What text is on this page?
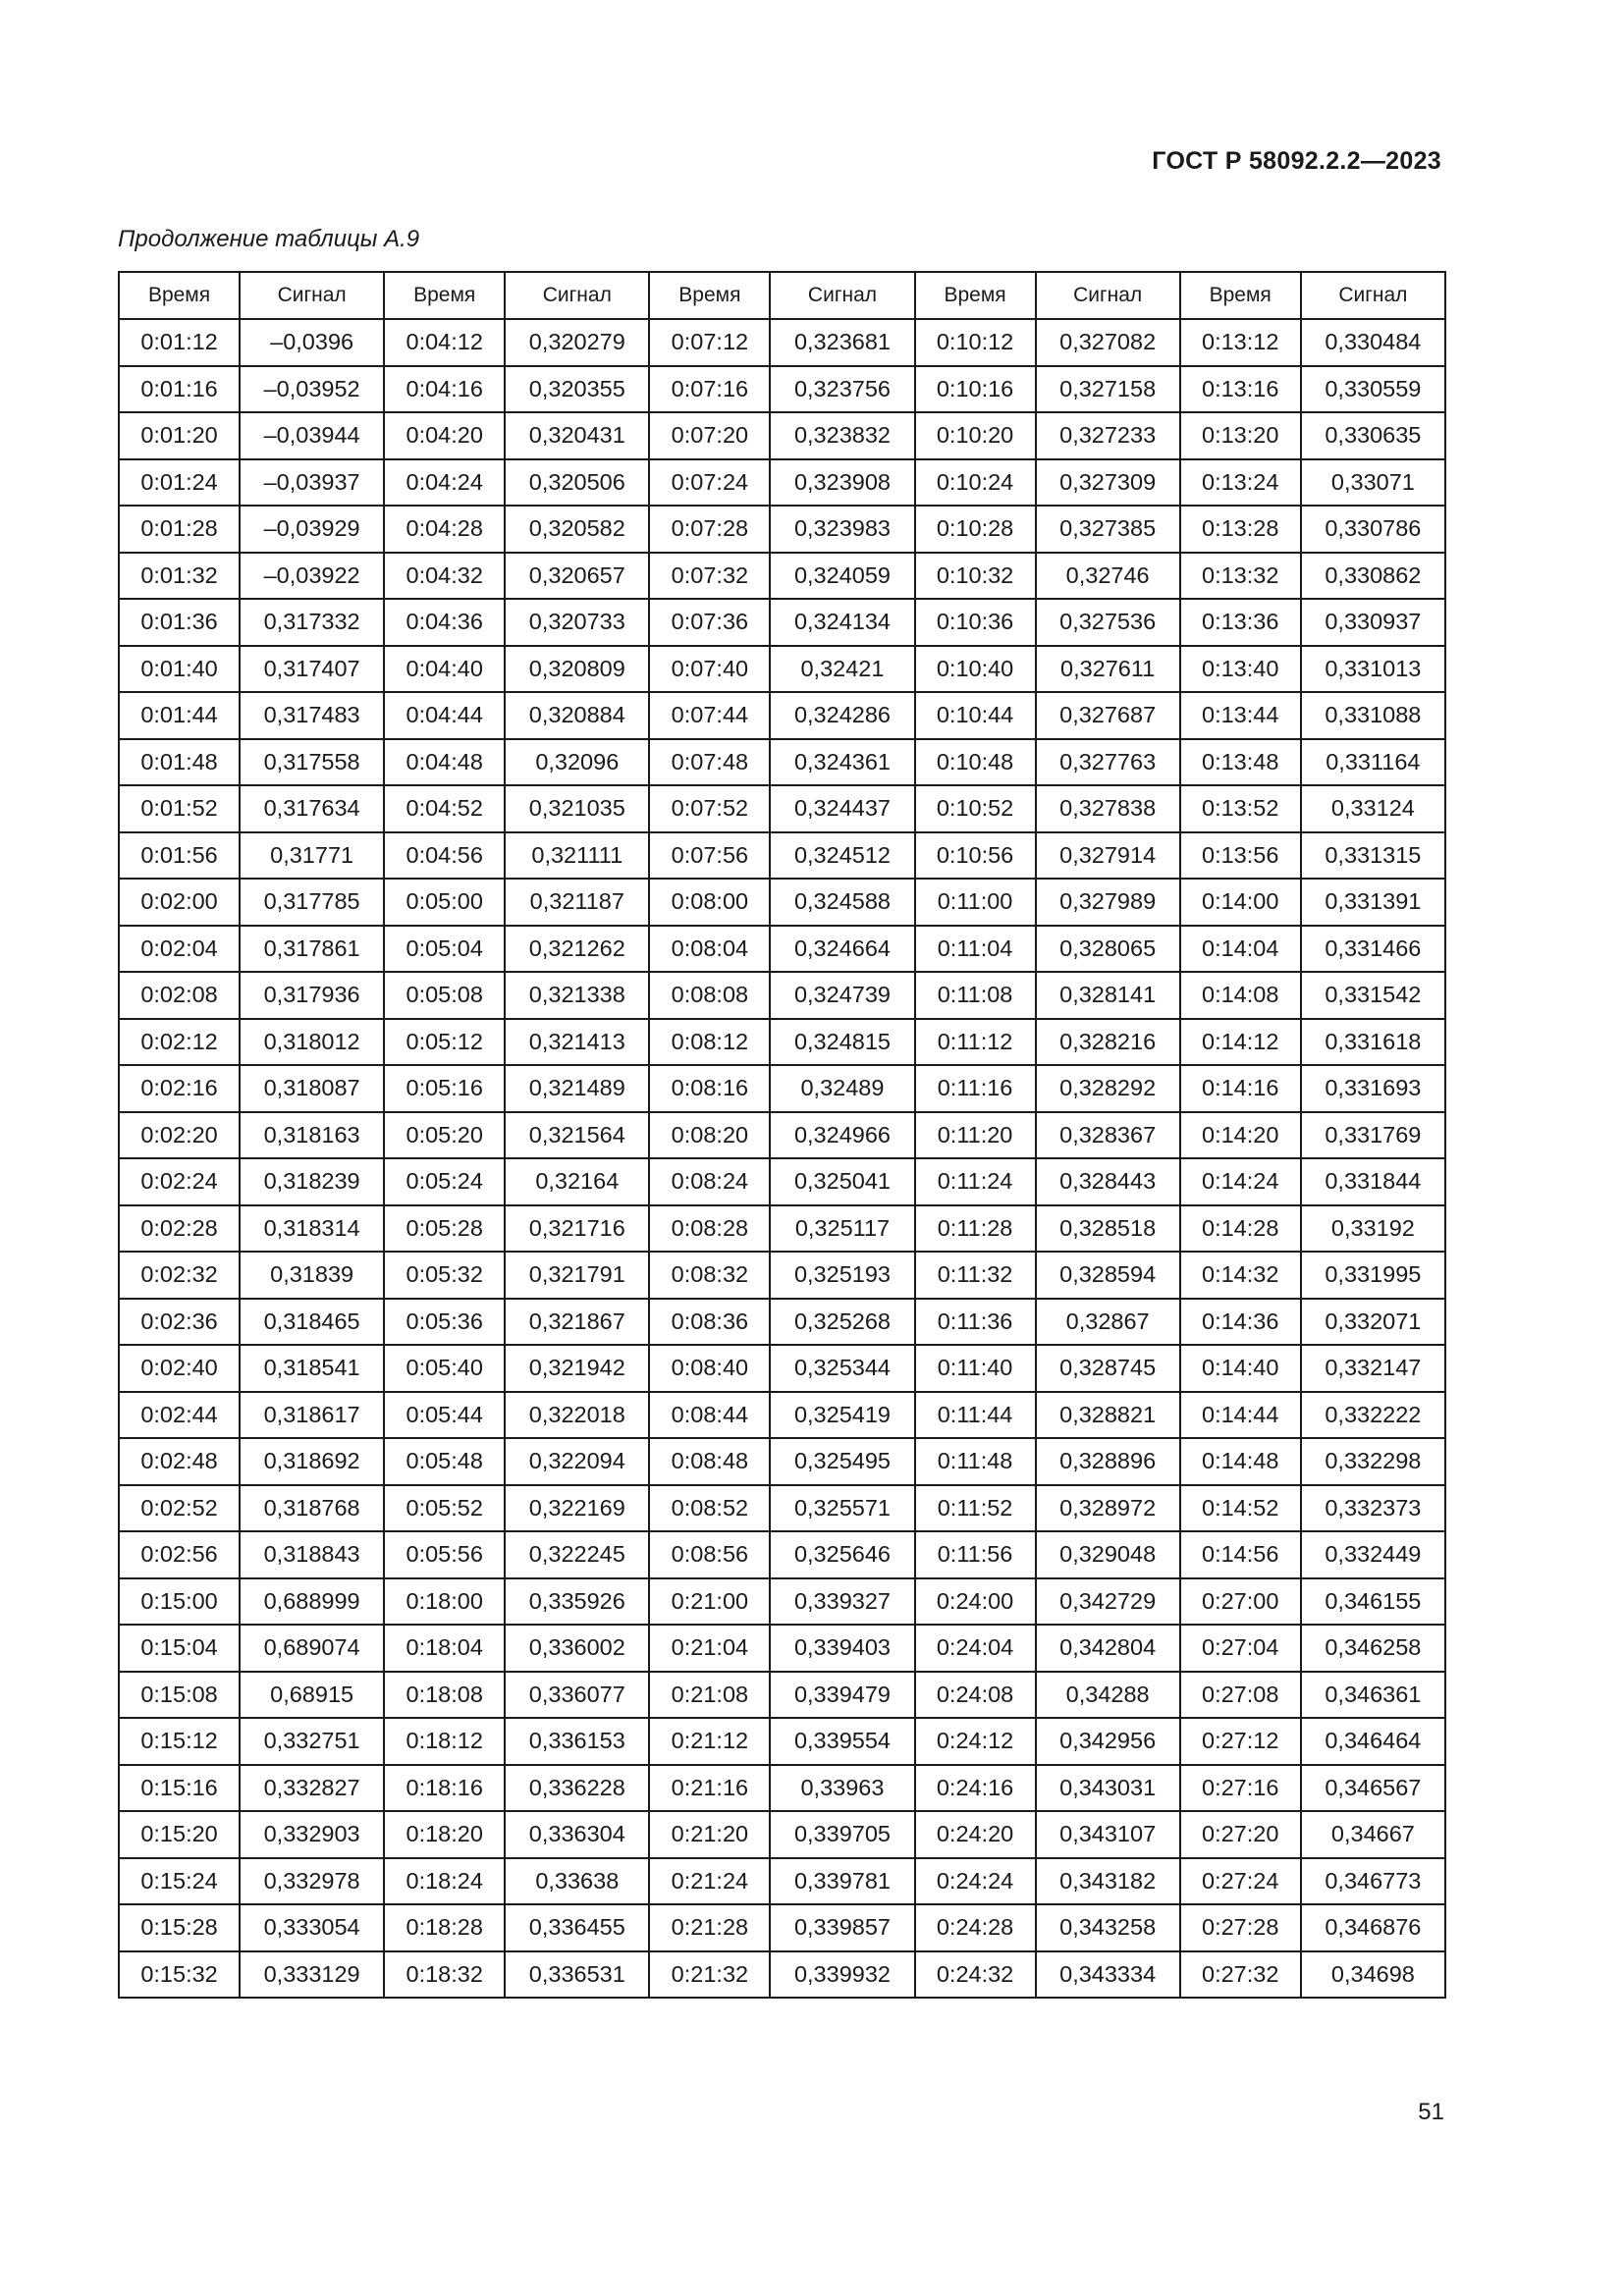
ГОСТ Р 58092.2.2—2023
Продолжение таблицы А.9
Время	Сигнал	Время	Сигнал	Время	Сигнал	Время	Сигнал	Время	Сигнал
0:01:12	–0,0396	0:04:12	0,320279	0:07:12	0,323681	0:10:12	0,327082	0:13:12	0,330484
0:01:16	–0,03952	0:04:16	0,320355	0:07:16	0,323756	0:10:16	0,327158	0:13:16	0,330559
0:01:20	–0,03944	0:04:20	0,320431	0:07:20	0,323832	0:10:20	0,327233	0:13:20	0,330635
0:01:24	–0,03937	0:04:24	0,320506	0:07:24	0,323908	0:10:24	0,327309	0:13:24	0,33071
0:01:28	–0,03929	0:04:28	0,320582	0:07:28	0,323983	0:10:28	0,327385	0:13:28	0,330786
0:01:32	–0,03922	0:04:32	0,320657	0:07:32	0,324059	0:10:32	0,32746	0:13:32	0,330862
0:01:36	0,317332	0:04:36	0,320733	0:07:36	0,324134	0:10:36	0,327536	0:13:36	0,330937
0:01:40	0,317407	0:04:40	0,320809	0:07:40	0,32421	0:10:40	0,327611	0:13:40	0,331013
0:01:44	0,317483	0:04:44	0,320884	0:07:44	0,324286	0:10:44	0,327687	0:13:44	0,331088
0:01:48	0,317558	0:04:48	0,32096	0:07:48	0,324361	0:10:48	0,327763	0:13:48	0,331164
0:01:52	0,317634	0:04:52	0,321035	0:07:52	0,324437	0:10:52	0,327838	0:13:52	0,33124
0:01:56	0,31771	0:04:56	0,321111	0:07:56	0,324512	0:10:56	0,327914	0:13:56	0,331315
0:02:00	0,317785	0:05:00	0,321187	0:08:00	0,324588	0:11:00	0,327989	0:14:00	0,331391
0:02:04	0,317861	0:05:04	0,321262	0:08:04	0,324664	0:11:04	0,328065	0:14:04	0,331466
0:02:08	0,317936	0:05:08	0,321338	0:08:08	0,324739	0:11:08	0,328141	0:14:08	0,331542
0:02:12	0,318012	0:05:12	0,321413	0:08:12	0,324815	0:11:12	0,328216	0:14:12	0,331618
0:02:16	0,318087	0:05:16	0,321489	0:08:16	0,32489	0:11:16	0,328292	0:14:16	0,331693
0:02:20	0,318163	0:05:20	0,321564	0:08:20	0,324966	0:11:20	0,328367	0:14:20	0,331769
0:02:24	0,318239	0:05:24	0,32164	0:08:24	0,325041	0:11:24	0,328443	0:14:24	0,331844
0:02:28	0,318314	0:05:28	0,321716	0:08:28	0,325117	0:11:28	0,328518	0:14:28	0,33192
0:02:32	0,31839	0:05:32	0,321791	0:08:32	0,325193	0:11:32	0,328594	0:14:32	0,331995
0:02:36	0,318465	0:05:36	0,321867	0:08:36	0,325268	0:11:36	0,32867	0:14:36	0,332071
0:02:40	0,318541	0:05:40	0,321942	0:08:40	0,325344	0:11:40	0,328745	0:14:40	0,332147
0:02:44	0,318617	0:05:44	0,322018	0:08:44	0,325419	0:11:44	0,328821	0:14:44	0,332222
0:02:48	0,318692	0:05:48	0,322094	0:08:48	0,325495	0:11:48	0,328896	0:14:48	0,332298
0:02:52	0,318768	0:05:52	0,322169	0:08:52	0,325571	0:11:52	0,328972	0:14:52	0,332373
0:02:56	0,318843	0:05:56	0,322245	0:08:56	0,325646	0:11:56	0,329048	0:14:56	0,332449
0:15:00	0,688999	0:18:00	0,335926	0:21:00	0,339327	0:24:00	0,342729	0:27:00	0,346155
0:15:04	0,689074	0:18:04	0,336002	0:21:04	0,339403	0:24:04	0,342804	0:27:04	0,346258
0:15:08	0,68915	0:18:08	0,336077	0:21:08	0,339479	0:24:08	0,34288	0:27:08	0,346361
0:15:12	0,332751	0:18:12	0,336153	0:21:12	0,339554	0:24:12	0,342956	0:27:12	0,346464
0:15:16	0,332827	0:18:16	0,336228	0:21:16	0,33963	0:24:16	0,343031	0:27:16	0,346567
0:15:20	0,332903	0:18:20	0,336304	0:21:20	0,339705	0:24:20	0,343107	0:27:20	0,34667
0:15:24	0,332978	0:18:24	0,33638	0:21:24	0,339781	0:24:24	0,343182	0:27:24	0,346773
0:15:28	0,333054	0:18:28	0,336455	0:21:28	0,339857	0:24:28	0,343258	0:27:28	0,346876
0:15:32	0,333129	0:18:32	0,336531	0:21:32	0,339932	0:24:32	0,343334	0:27:32	0,34698
51
